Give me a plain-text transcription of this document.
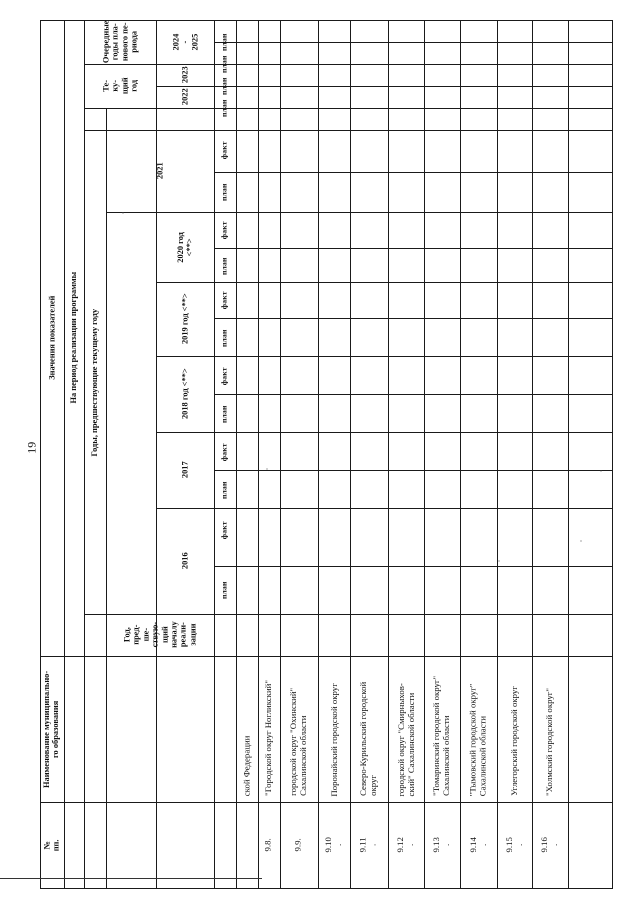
план
факт
план
факт
план
факт
план
факт
план
факт
план
факт
план
план
план
план
ской Федерации
9.8.
"Городской округ Ногликский"
9.9.
городской округ "Охинский"
Сахалинской области
9.10
.
Поронайский городской округ
9.11
.
Северо-Курильский городской
округ
9.12
.
городской округ "Смирныхов-
ский" Сахалинской области
9.13
.
"Томаринский городской округ"
Сахалинской области
9.14
.
"Тымовский городской округ"
Сахалинской области
9.15
.
Углегорский городской округ
9.16
.
"Холмский городской округ"
19
№
пп.
Наименование муниципально-
го образования
Значения показателей На период реализации программы Годы, предшествующие текущему году
Год,
пред-
ше-
ствую-
щий
началу
реали-
зации
Те-
ку-
щий
год
Очередные
годы пла-
нового пе-
риода
2016
2017
2018 год <**>
2019 год <**>
2020 год
<**>
2021
2022
2023
2024
-
2025
